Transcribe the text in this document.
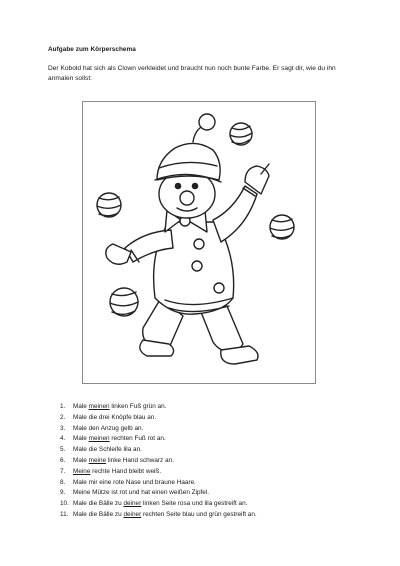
Aufgabe zum Körperschema
Der Kobold hat sich als Clown verkleidet und braucht nun noch bunte Farbe. Er sagt dir, wie du ihn anmalen sollst:
1.	Male meinen linken Fuß grün an.
2.	Male die drei Knöpfe blau an.
3.	Male den Anzug gelb an.
4.	Male meinen rechten Fuß rot an.
5.	Male die Schleife lila an.
6.	Male meine linke Hand schwarz an.
7.	Meine rechte Hand bleibt weiß.
8.	Male mir eine rote Nase und braune Haare.
9.	Meine Mütze ist rot und hat einen weißen Zipfel.
10. Male die Bälle zu deiner linken Seite rosa und lila gestreift an.
11. Male die Bälle zu deiner rechten Seite blau und grün gestreift an.
